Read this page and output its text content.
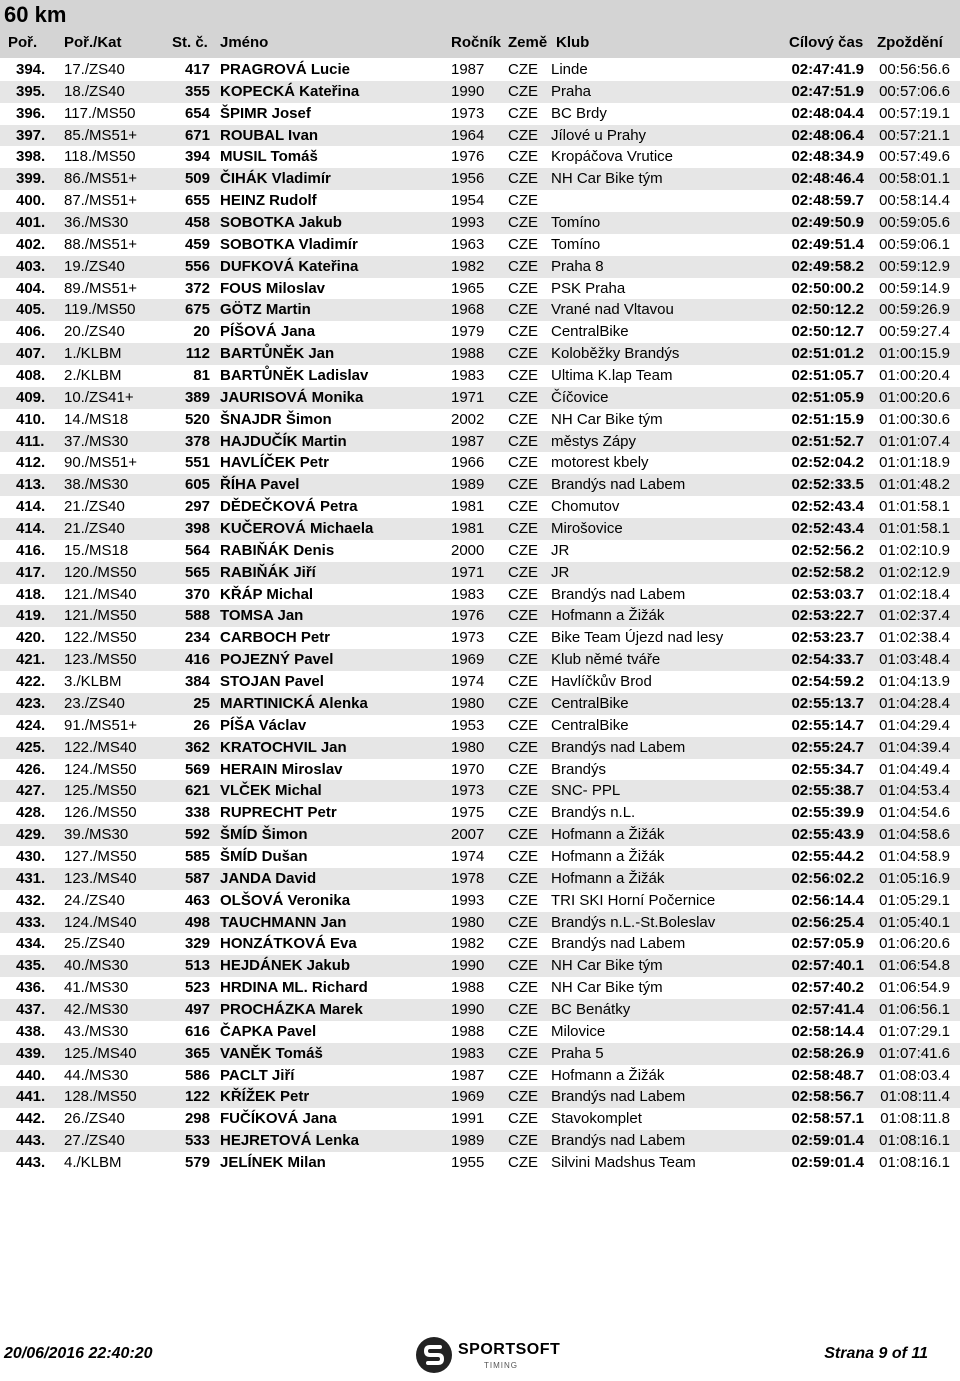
60 km
Poř. Poř./Kat	St. č. Jméno	Ročník Země Klub	Cílový čas Zpoždění
394. 17./ZS40	417 PRAGROVÁ Lucie	1987 CZE Linde	02:47:41.9 00:56:56.6
395. 18./ZS40	355 KOPECKÁ Kateřina	1990 CZE Praha	02:47:51.9 00:57:06.6
396. 117./MS50	654 ŠPIMR Josef	1973 CZE BC Brdy	02:48:04.4 00:57:19.1
397. 85./MS51+	671 ROUBAL Ivan	1964 CZE Jílové u Prahy	02:48:06.4 00:57:21.1
398. 118./MS50	394 MUSIL Tomáš	1976 CZE Kropáčova Vrutice	02:48:34.9 00:57:49.6
399. 86./MS51+	509 ČIHÁK Vladimír	1956 CZE NH Car Bike tým	02:48:46.4 00:58:01.1
400. 87./MS51+	655 HEINZ Rudolf	1954 CZE	02:48:59.7 00:58:14.4
401. 36./MS30	458 SOBOTKA Jakub	1993 CZE Tomíno	02:49:50.9 00:59:05.6
402. 88./MS51+	459 SOBOTKA Vladimír	1963 CZE Tomíno	02:49:51.4 00:59:06.1
403. 19./ZS40	556 DUFKOVÁ Kateřina	1982 CZE Praha 8	02:49:58.2 00:59:12.9
404. 89./MS51+	372 FOUS Miloslav	1965 CZE PSK Praha	02:50:00.2 00:59:14.9
405. 119./MS50	675 GÖTZ Martin	1968 CZE Vrané nad Vltavou	02:50:12.2 00:59:26.9
406. 20./ZS40	20 PÍŠOVÁ Jana	1979 CZE CentralBike	02:50:12.7 00:59:27.4
407. 1./KLBM	112 BARTŮNĚK Jan	1988 CZE Koloběžky Brandýs	02:51:01.2 01:00:15.9
408. 2./KLBM	81 BARTŮNĚK Ladislav	1983 CZE Ultima K.lap Team	02:51:05.7 01:00:20.4
409. 10./ZS41+	389 JAURISOVÁ Monika	1971 CZE Číčovice	02:51:05.9 01:00:20.6
410. 14./MS18	520 ŠNAJDR Šimon	2002 CZE NH Car Bike tým	02:51:15.9 01:00:30.6
411. 37./MS30	378 HAJDUČÍK Martin	1987 CZE městys Zápy	02:51:52.7 01:01:07.4
412. 90./MS51+	551 HAVLÍČEK Petr	1966 CZE motorest kbely	02:52:04.2 01:01:18.9
413. 38./MS30	605 ŘÍHA Pavel	1989 CZE Brandýs nad Labem	02:52:33.5 01:01:48.2
414. 21./ZS40	297 DĚDEČKOVÁ Petra	1981 CZE Chomutov	02:52:43.4 01:01:58.1
414. 21./ZS40	398 KUČEROVÁ Michaela	1981 CZE Mirošovice	02:52:43.4 01:01:58.1
416. 15./MS18	564 RABIŇÁK Denis	2000 CZE JR	02:52:56.2 01:02:10.9
417. 120./MS50	565 RABIŇÁK Jiří	1971 CZE JR	02:52:58.2 01:02:12.9
418. 121./MS40	370 KŘÁP Michal	1983 CZE Brandýs nad Labem	02:53:03.7 01:02:18.4
419. 121./MS50	588 TOMSA Jan	1976 CZE Hofmann a Žižák	02:53:22.7 01:02:37.4
420. 122./MS50	234 CARBOCH Petr	1973 CZE Bike Team Újezd nad lesy	02:53:23.7 01:02:38.4
421. 123./MS50	416 POJEZNÝ Pavel	1969 CZE Klub němé tváře	02:54:33.7 01:03:48.4
422. 3./KLBM	384 STOJAN Pavel	1974 CZE Havlíčkův Brod	02:54:59.2 01:04:13.9
423. 23./ZS40	25 MARTINICKÁ Alenka	1980 CZE CentralBike	02:55:13.7 01:04:28.4
424. 91./MS51+	26 PÍŠA Václav	1953 CZE CentralBike	02:55:14.7 01:04:29.4
425. 122./MS40	362 KRATOCHVIL Jan	1980 CZE Brandýs nad Labem	02:55:24.7 01:04:39.4
426. 124./MS50	569 HERAIN Miroslav	1970 CZE Brandýs	02:55:34.7 01:04:49.4
427. 125./MS50	621 VLČEK Michal	1973 CZE SNC- PPL	02:55:38.7 01:04:53.4
428. 126./MS50	338 RUPRECHT Petr	1975 CZE Brandýs n.L.	02:55:39.9 01:04:54.6
429. 39./MS30	592 ŠMÍD Šimon	2007 CZE Hofmann a Žižák	02:55:43.9 01:04:58.6
430. 127./MS50	585 ŠMÍD Dušan	1974 CZE Hofmann a Žižák	02:55:44.2 01:04:58.9
431. 123./MS40	587 JANDA David	1978 CZE Hofmann a Žižák	02:56:02.2 01:05:16.9
432. 24./ZS40	463 OLŠOVÁ Veronika	1993 CZE TRI SKI Horní Počernice	02:56:14.4 01:05:29.1
433. 124./MS40	498 TAUCHMANN Jan	1980 CZE Brandýs n.L.-St.Boleslav	02:56:25.4 01:05:40.1
434. 25./ZS40	329 HONZÁTKOVÁ Eva	1982 CZE Brandýs nad Labem	02:57:05.9 01:06:20.6
435. 40./MS30	513 HEJDÁNEK Jakub	1990 CZE NH Car Bike tým	02:57:40.1 01:06:54.8
436. 41./MS30	523 HRDINA ML. Richard	1988 CZE NH Car Bike tým	02:57:40.2 01:06:54.9
437. 42./MS30	497 PROCHÁZKA Marek	1990 CZE BC Benátky	02:57:41.4 01:06:56.1
438. 43./MS30	616 ČAPKA Pavel	1988 CZE Milovice	02:58:14.4 01:07:29.1
439. 125./MS40	365 VANĚK Tomáš	1983 CZE Praha 5	02:58:26.9 01:07:41.6
440. 44./MS30	586 PACLT Jiří	1987 CZE Hofmann a Žižák	02:58:48.7 01:08:03.4
441. 128./MS50	122 KŘÍŽEK Petr	1969 CZE Brandýs nad Labem	02:58:56.7 01:08:11.4
442. 26./ZS40	298 FUČÍKOVÁ Jana	1991 CZE Stavokomplet	02:58:57.1 01:08:11.8
443. 27./ZS40	533 HEJRETOVÁ Lenka	1989 CZE Brandýs nad Labem	02:59:01.4 01:08:16.1
443. 4./KLBM	579 JELÍNEK Milan	1955 CZE Silvini Madshus Team	02:59:01.4 01:08:16.1
20/06/2016 22:40:20	SPORTSOFT
TIMING
Strana 9 of 11
